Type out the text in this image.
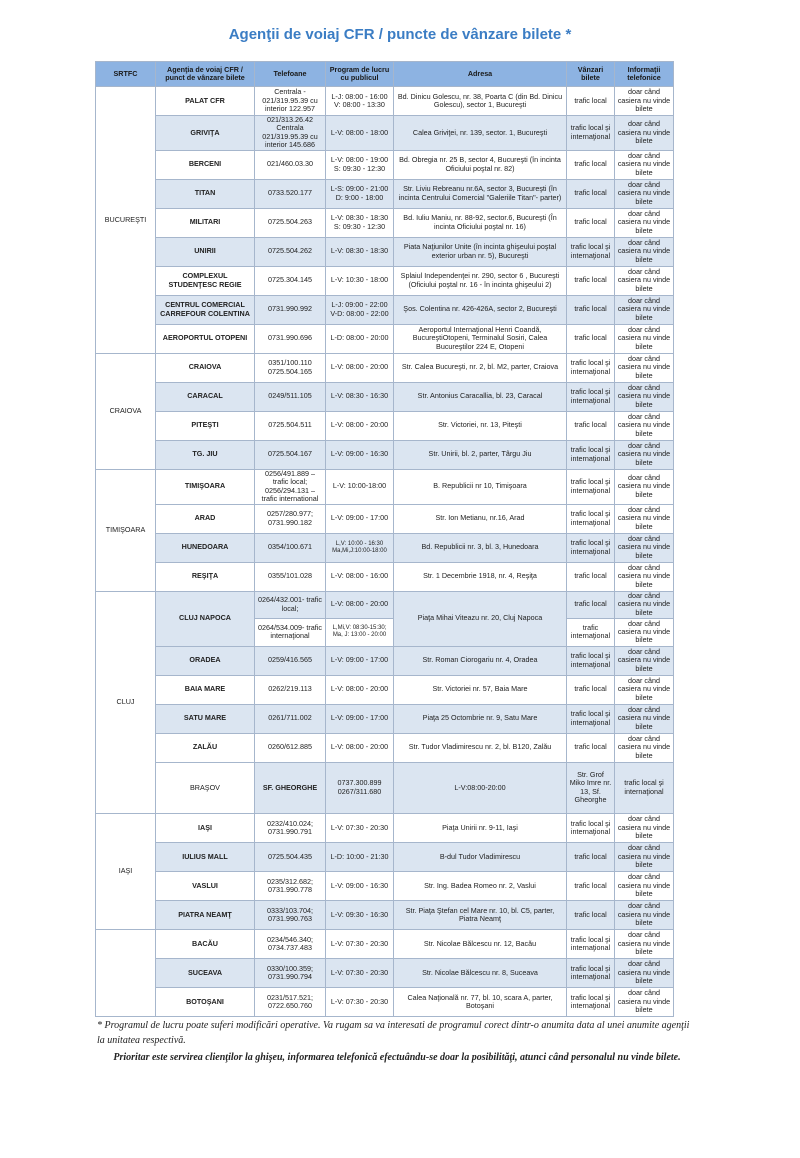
Agenţii de voiaj CFR / puncte de vânzare bilete *
SRTFC	Agenţia de voiaj CFR / punct de vânzare bilete	Telefoane	Program de lucru cu publicul	Adresa	Vânzari bilete	Informaţii telefonice	
BUCUREŞTI	PALAT CFR	Centrala - 021/319.95.39 cu interior 122.957	L-J: 08:00 - 16:00 V: 08:00 - 13:30	Bd. Dinicu Golescu, nr. 38, Poarta C (din Bd. Dinicu Golescu), sector 1, Bucureşti	trafic local	doar când casiera nu vinde bilete	
	GRIVIŢA	021/313.26.42 Centrala 021/319.95.39 cu interior 145.686	L-V: 08:00 - 18:00	Calea Griviţei, nr. 139, sector. 1, Bucureşti	trafic local şi internaţional	doar când casiera nu vinde bilete	
	BERCENI	021/460.03.30	L-V: 08:00 - 19:00 S: 09:30 - 12:30	Bd. Obregia nr. 25 B, sector 4, Bucureşti (în incinta Oficiului poştal nr. 82)	trafic local	doar când casiera nu vinde bilete	
	TITAN	0733.520.177	L-S: 09:00 - 21:00 D: 9:00 - 18:00	Str. Liviu Rebreanu nr.6A, sector 3, Bucureşti (în incinta Centrului Comercial "Galeriile Titan"- parter)	trafic local	doar când casiera nu vinde bilete	
	MILITARI	0725.504.263	L-V: 08:30 - 18:30 S: 09:30 - 12:30	Bd. Iuliu Maniu, nr. 88-92, sector.6, Bucureşti (În incinta Oficiului poştal nr. 16)	trafic local	doar când casiera nu vinde bilete	
	UNIRII	0725.504.262	L-V: 08:30 - 18:30	Piata Naţiunilor Unite (în incinta ghişeului poştal exterior urban nr. 5), Bucureşti	trafic local şi internaţional	doar când casiera nu vinde bilete	
	COMPLEXUL STUDENŢESC REGIE	0725.304.145	L-V: 10:30 - 18:00	Splaiul Independenţei nr. 290, sector 6 , Bucureşti (Oficiului poştal nr. 16 - în incinta ghişeului 2)	trafic local	doar când casiera nu vinde bilete	
	CENTRUL COMERCIAL CARREFOUR COLENTINA	0731.990.992	L-J: 09:00 - 22:00 V-D: 08:00 - 22:00	Şos. Colentina nr. 426-426A, sector 2, Bucureşti	trafic local	doar când casiera nu vinde bilete	
	AEROPORTUL OTOPENI	0731.990.696	L-D: 08:00 - 20:00	Aeroportul Internaţional Henri Coandă, BucureştiOtopeni, Terminalul Sosiri, Calea Bucureştilor 224 E, Otopeni	trafic local	doar când casiera nu vinde bilete	
CRAIOVA	CRAIOVA	0351/100.110 0725.504.165	L-V: 08:00 - 20:00	Str. Calea Bucureşti, nr. 2, bl. M2, parter, Craiova	trafic local şi internaţional	doar când casiera nu vinde bilete	
	CARACAL	0249/511.105	L-V: 08:30 - 16:30	Str. Antonius Caracallia, bl. 23, Caracal	trafic local şi internaţional	doar când casiera nu vinde bilete	
	PITEŞTI	0725.504.511	L-V: 08:00 - 20:00	Str. Victoriei, nr. 13, Piteşti	trafic local	doar când casiera nu vinde bilete	
	TG. JIU	0725.504.167	L-V: 09:00 - 16:30	Str. Unirii, bl. 2, parter, Târgu Jiu	trafic local şi internaţional	doar când casiera nu vinde bilete	
TIMIŞOARA	TIMIŞOARA	0256/491.889 – trafic local; 0256/294.131 – trafic international	L-V: 10:00-18:00	B. Republicii nr 10, Timişoara	trafic local şi internaţional	doar când casiera nu vinde bilete	
	ARAD	0257/280.977; 0731.990.182	L-V: 09:00 - 17:00	Str. Ion Metianu, nr.16, Arad	trafic local şi internaţional	doar când casiera nu vinde bilete	
	HUNEDOARA	0354/100.671	L,V: 10:00 - 16:30 Ma,Mi,J:10:00-18:00	Bd. Republicii nr. 3, bl. 3, Hunedoara	trafic local şi internaţional	doar când casiera nu vinde bilete	
	REŞIŢA	0355/101.028	L-V: 08:00 - 16:00	Str. 1 Decembrie 1918, nr. 4, Reşiţa	trafic local	doar când casiera nu vinde bilete	
CLUJ	CLUJ NAPOCA	0264/432.001- trafic local;	L-V: 08:00 - 20:00	Piaţa Mihai Viteazu nr. 20, Cluj Napoca	trafic local	doar când casiera nu vinde bilete	
		0264/534.009- trafic internaţional	L,Mi,V: 08:30-15:30; Ma, J: 13:00 - 20:00		trafic internaţional	doar când casiera nu vinde bilete	
	ORADEA	0259/416.565	L-V: 09:00 - 17:00	Str. Roman Ciorogariu nr. 4, Oradea	trafic local şi internaţional	doar când casiera nu vinde bilete	
	BAIA MARE	0262/219.113	L-V: 08:00 - 20:00	Str. Victoriei nr. 57, Baia Mare	trafic local	doar când casiera nu vinde bilete	
	SATU MARE	0261/711.002	L-V: 09:00 - 17:00	Piaţa 25 Octombrie nr. 9, Satu Mare	trafic local şi internaţional	doar când casiera nu vinde bilete	
	ZALĂU	0260/612.885	L-V: 08:00 - 20:00	Str. Tudor Vladimirescu nr. 2, bl. B120, Zalău	trafic local	doar când casiera nu vinde bilete	
	BRAŞOV	SF. GHEORGHE	0737.300.899 0267/311.680	L-V:08:00-20:00	Str. Grof Miko Imre nr. 13, Sf. Gheorghe	trafic local şi internaţional	
IAŞI	IAŞI	0232/410.024; 0731.990.791	L-V: 07:30 - 20:30	Piaţa Unirii nr. 9-11, Iaşi	trafic local şi internaţional	doar când casiera nu vinde bilete	
	IULIUS MALL	0725.504.435	L-D: 10:00 - 21:30	B-dul Tudor Vladimirescu	trafic local	doar când casiera nu vinde bilete	
	VASLUI	0235/312.682; 0731.990.778	L-V: 09:00 - 16:30	Str. Ing. Badea Romeo nr. 2, Vaslui	trafic local	doar când casiera nu vinde bilete	
	PIATRA NEAMŢ	0333/103.704; 0731.990.763	L-V: 09:30 - 16:30	Str. Piaţa Ştefan cel Mare nr. 10, bl. C5, parter, Piatra Neamţ	trafic local	doar când casiera nu vinde bilete	
	BACĂU	0234/546.340; 0734.737.483	L-V: 07:30 - 20:30	Str. Nicolae Bălcescu nr. 12, Bacău	trafic local şi internaţional	doar când casiera nu vinde bilete	
	SUCEAVA	0330/100.359; 0731.990.794	L-V: 07:30 - 20:30	Str. Nicolae Bălcescu nr. 8, Suceava	trafic local şi internaţional	doar când casiera nu vinde bilete	
	BOTOŞANI	0231/517.521; 0722.650.760	L-V: 07:30 - 20:30	Calea Naţională nr. 77, bl. 10, scara A, parter, Botoşani	trafic local şi internaţional	doar când casiera nu vinde bilete	
* Programul de lucru poate suferi modificări operative. Va rugam sa va interesati de programul corect dintr-o anumita data al unei anumite agenţii la unitatea respectivă.
Prioritar este servirea clienţilor la ghişeu, informarea telefonică efectuându-se doar la posibilităţi, atunci când personalul nu vinde bilete.
